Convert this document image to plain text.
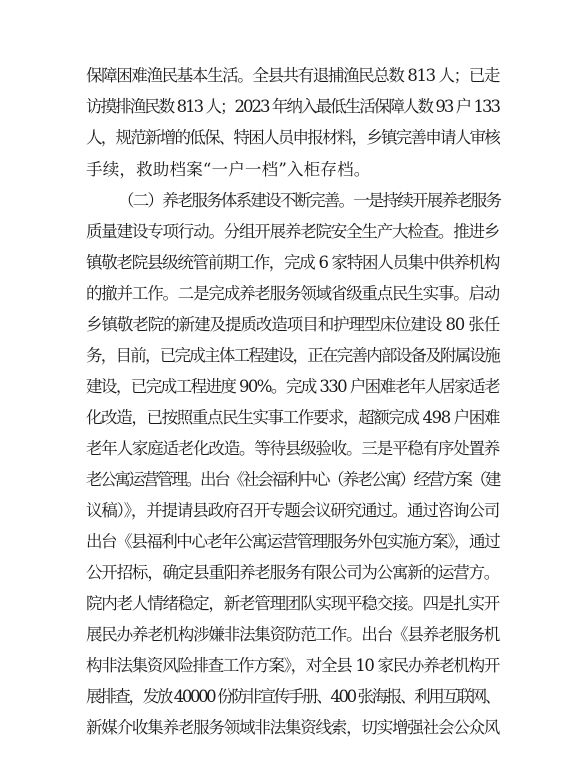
保障困难渔民基本生活。全县共有退捕渔民总数 813 人；已走
访摸排渔民数 813 人；2023 年纳入最低生活保障人数 93 户 133
人，规范新增的低保、特困人员申报材料，乡镇完善申请人审核
手续，救助档案“一户一档”入柜存档。
（二）养老服务体系建设不断完善。一是持续开展养老服务
质量建设专项行动。分组开展养老院安全生产大检查。推进乡
镇敬老院县级统管前期工作，完成 6 家特困人员集中供养机构
的撤并工作。二是完成养老服务领域省级重点民生实事。启动
乡镇敬老院的新建及提质改造项目和护理型床位建设 80 张任
务，目前，已完成主体工程建设，正在完善内部设备及附属设施
建设，已完成工程进度 90%。完成 330 户困难老年人居家适老
化改造，已按照重点民生实事工作要求，超额完成 498 户困难
老年人家庭适老化改造。等待县级验收。三是平稳有序处置养
老公寓运营管理。出台《社会福利中心（养老公寓）经营方案（建
议稿）》，并提请县政府召开专题会议研究通过。通过咨询公司
出台《县福利中心老年公寓运营管理服务外包实施方案》，通过
公开招标，确定县重阳养老服务有限公司为公寓新的运营方。
院内老人情绪稳定，新老管理团队实现平稳交接。四是扎实开
展民办养老机构涉嫌非法集资防范工作。出台《县养老服务机
构非法集资风险排查工作方案》，对全县 10 家民办养老机构开
展排查，发放 40000 份防非宣传手册、400 张海报、利用互联网、
新媒介收集养老服务领域非法集资线索，切实增强社会公众风
